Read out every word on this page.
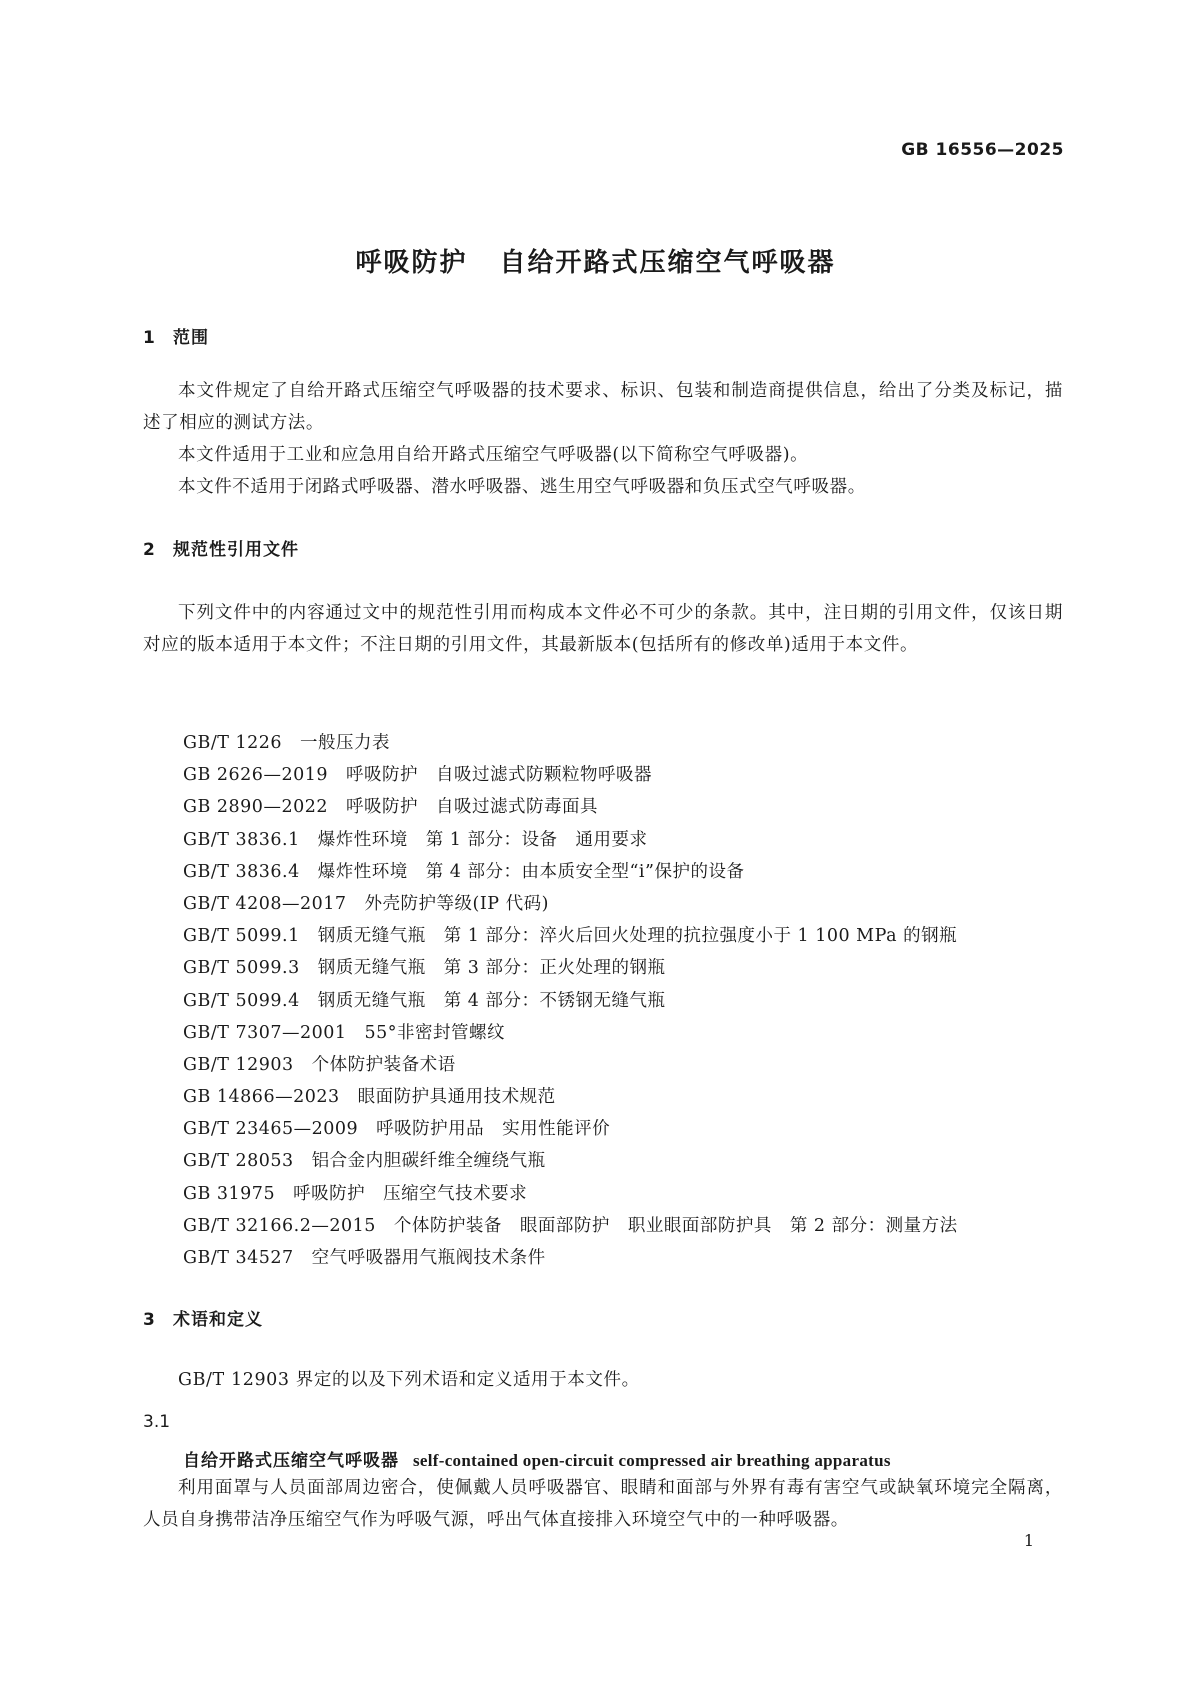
GB 16556—2025
呼吸防护 自给开路式压缩空气呼吸器
1 范围
本文件规定了自给开路式压缩空气呼吸器的技术要求、标识、包装和制造商提供信息，给出了分类及标记，描述了相应的测试方法。
本文件适用于工业和应急用自给开路式压缩空气呼吸器(以下简称空气呼吸器)。
本文件不适用于闭路式呼吸器、潜水呼吸器、逃生用空气呼吸器和负压式空气呼吸器。
2 规范性引用文件
下列文件中的内容通过文中的规范性引用而构成本文件必不可少的条款。其中，注日期的引用文件，仅该日期对应的版本适用于本文件；不注日期的引用文件，其最新版本(包括所有的修改单)适用于本文件。
GB/T 1226　一般压力表
GB 2626—2019　呼吸防护　自吸过滤式防颗粒物呼吸器
GB 2890—2022　呼吸防护　自吸过滤式防毒面具
GB/T 3836.1　爆炸性环境　第 1 部分：设备　通用要求
GB/T 3836.4　爆炸性环境　第 4 部分：由本质安全型“i”保护的设备
GB/T 4208—2017　外壳防护等级(IP 代码)
GB/T 5099.1　钢质无缝气瓶　第 1 部分：淬火后回火处理的抗拉强度小于 1 100 MPa 的钢瓶
GB/T 5099.3　钢质无缝气瓶　第 3 部分：正火处理的钢瓶
GB/T 5099.4　钢质无缝气瓶　第 4 部分：不锈钢无缝气瓶
GB/T 7307—2001　55°非密封管螺纹
GB/T 12903　个体防护装备术语
GB 14866—2023　眼面防护具通用技术规范
GB/T 23465—2009　呼吸防护用品　实用性能评价
GB/T 28053　铝合金内胆碳纤维全缠绕气瓶
GB 31975　呼吸防护　压缩空气技术要求
GB/T 32166.2—2015　个体防护装备　眼面部防护　职业眼面部防护具　第 2 部分：测量方法
GB/T 34527　空气呼吸器用气瓶阀技术条件
3 术语和定义
GB/T 12903 界定的以及下列术语和定义适用于本文件。
3.1
自给开路式压缩空气呼吸器 self-contained open-circuit compressed air breathing apparatus
利用面罩与人员面部周边密合，使佩戴人员呼吸器官、眼睛和面部与外界有毒有害空气或缺氧环境完全隔离，人员自身携带洁净压缩空气作为呼吸气源，呼出气体直接排入环境空气中的一种呼吸器。
1
